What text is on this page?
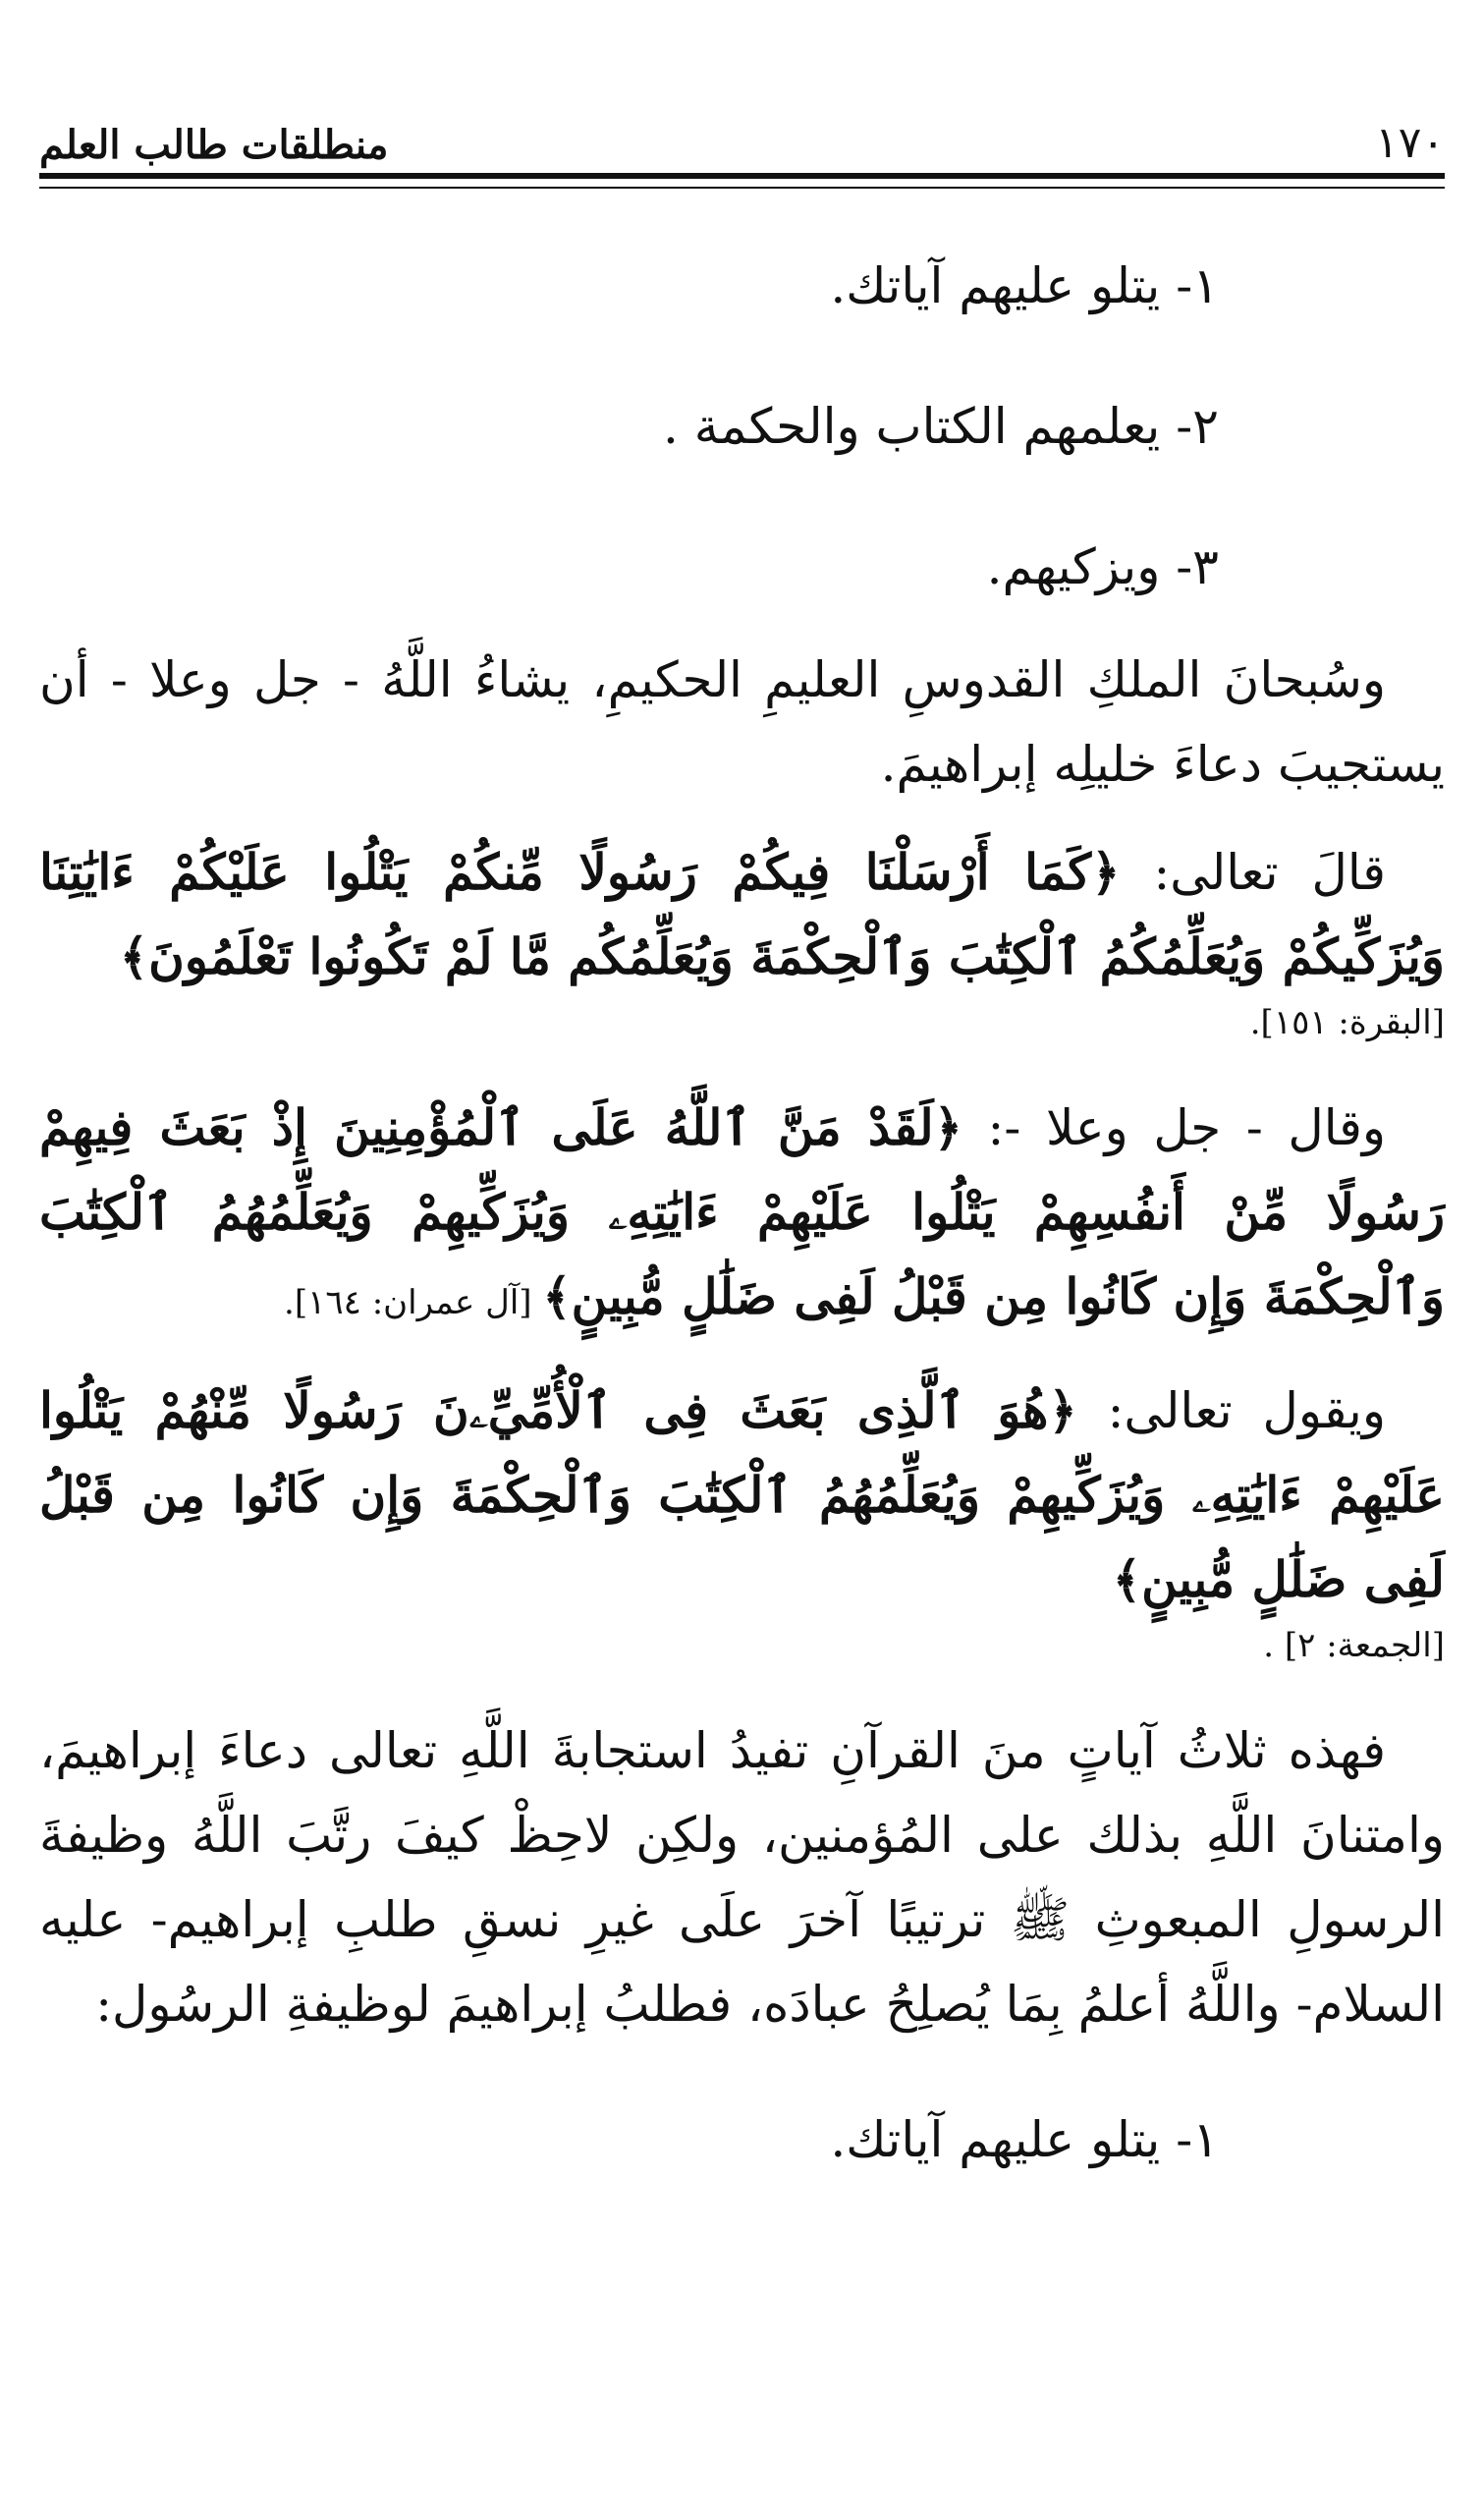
١٧٠
منطلقات طالب العلم

١- يتلو عليهم آياتك.

٢- يعلمهم الكتاب والحكمة .

٣- ويزكيهم.

وسُبحانَ الملكِ القدوسِ العليمِ الحكيمِ، يشاءُ اللَّهُ - جل وعلا - أن يستجيبَ دعاءَ خليلِه إبراهيمَ.

قالَ تعالى: ﴿كَمَا أَرْسَلْنَا فِيكُمْ رَسُولًا مِّنكُمْ يَتْلُوا عَلَيْكُمْ ءَايَٰتِنَا وَيُزَكِّيكُمْ وَيُعَلِّمُكُمُ ٱلْكِتَٰبَ وَٱلْحِكْمَةَ وَيُعَلِّمُكُم مَّا لَمْ تَكُونُوا تَعْلَمُونَ﴾

[البقرة: ١٥١].

وقال - جل وعلا -: ﴿لَقَدْ مَنَّ ٱللَّهُ عَلَى ٱلْمُؤْمِنِينَ إِذْ بَعَثَ فِيهِمْ رَسُولًا مِّنْ أَنفُسِهِمْ يَتْلُوا عَلَيْهِمْ ءَايَٰتِهِۦ وَيُزَكِّيهِمْ وَيُعَلِّمُهُمُ ٱلْكِتَٰبَ وَٱلْحِكْمَةَ وَإِن كَانُوا مِن قَبْلُ لَفِى ضَلَٰلٍ مُّبِينٍ﴾ [آل عمران: ١٦٤].

ويقول تعالى: ﴿هُوَ ٱلَّذِى بَعَثَ فِى ٱلْأُمِّيِّۦنَ رَسُولًا مِّنْهُمْ يَتْلُوا عَلَيْهِمْ ءَايَٰتِهِۦ وَيُزَكِّيهِمْ وَيُعَلِّمُهُمُ ٱلْكِتَٰبَ وَٱلْحِكْمَةَ وَإِن كَانُوا مِن قَبْلُ لَفِى ضَلَٰلٍ مُّبِينٍ﴾

[الجمعة: ٢] .

فهذه ثلاثُ آياتٍ منَ القرآنِ تفيدُ استجابةَ اللَّهِ تعالى دعاءَ إبراهيمَ، وامتنانَ اللَّهِ بذلك على المُؤمنين، ولكِن لاحِظْ كيفَ رتَّبَ اللَّهُ وظيفةَ الرسولِ المبعوثِ ﷺ ترتيبًا آخرَ علَى غيرِ نسقِ طلبِ إبراهيم- عليه السلام- واللَّهُ أعلمُ بِمَا يُصلِحُ عبادَه، فطلبُ إبراهيمَ لوظيفةِ الرسُول:

١- يتلو عليهم آياتك.
